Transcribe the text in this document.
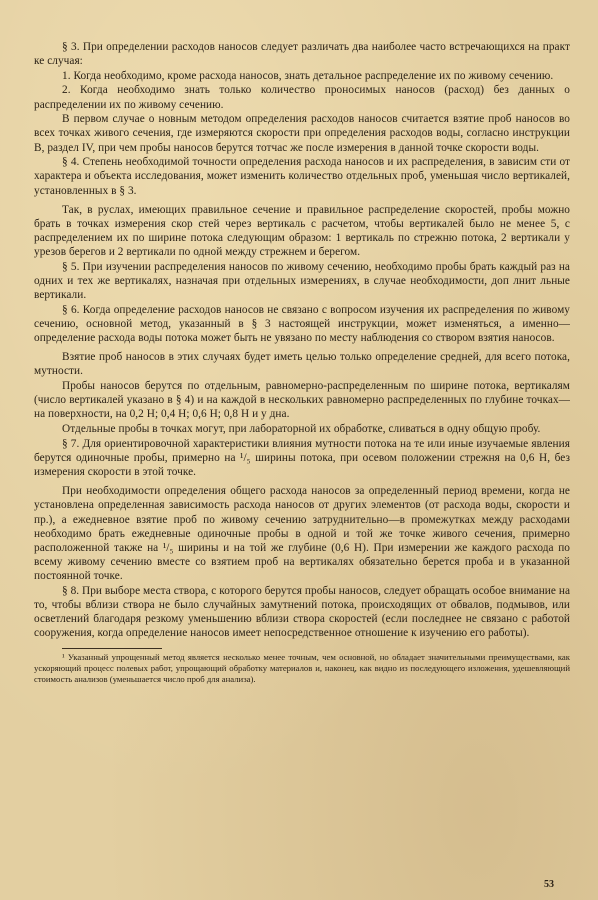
§ 3. При определении расходов наносов следует различать два наиболее часто встречающихся на практ ке случая:

1. Когда необходимо, кроме расхода наносов, знать детальное распределение их по живому сечению.

2. Когда необходимо знать только количество проносимых наносов (расход) без данных о распределении их по живому сечению.

В первом случае о новным методом определения расходов наносов считается взятие проб наносов во всех точках живого сечения, где измеряются скорости при определения расходов воды, согласно инструкции В, раздел IV, при чем пробы наносов берутся тотчас же после измерения в данной точке скорости воды.

§ 4. Степень необходимой точности определения расхода наносов и их распределения, в зависим сти от характера и объекта исследования, может изменить количество отдельных проб, уменьшая число вертикалей, установленных в § 3.

Так, в руслах, имеющих правильное сечение и правильное распределение скоростей, пробы можно брать в точках измерения скор стей через вертикаль с расчетом, чтобы вертикалей было не менее 5, с распределением их по ширине потока следующим образом: 1 вертикаль по стрежню потока, 2 вертикали у урезов берегов и 2 вертикали по одной между стрежнем и берегом.

§ 5. При изучении распределения наносов по живому сечению, необходимо пробы брать каждый раз на одних и тех же вертикалях, назначая при отдельных измерениях, в случае необходимости, доп лнит льные вертикали.

§ 6. Когда определение расходов наносов не связано с вопросом изучения их распределения по живому сечению, основной метод, указанный в § 3 настоящей инструкции, может изменяться, а именно—определение расхода воды потока может быть не увязано по месту наблюдения со створом взятия наносов.

Взятие проб наносов в этих случаях будет иметь целью только определение средней, для всего потока, мутности.

Пробы наносов берутся по отдельным, равномерно-распределенным по ширине потока, вертикалям (число вертикалей указано в § 4) и на каждой в нескольких равномерно распределенных по глубине точках—на поверхности, на 0,2 Н; 0,4 Н; 0,6 Н; 0,8 Н и у дна.

Отдельные пробы в точках могут, при лабораторной их обработке, сливаться в одну общую пробу.

§ 7. Для ориентировочной характеристики влияния мутности потока на те или иные изучаемые явления берутся одиночные пробы, примерно на ¹/₅ ширины потока, при осевом положении стрежня на 0,6 Н, без измерения скорости в этой точке.

При необходимости определения общего расхода наносов за определенный период времени, когда не установлена определенная зависимость расхода наносов от других элементов (от расхода воды, скорости и пр.), а ежедневное взятие проб по живому сечению затруднительно—в промежутках между расходами необходимо брать ежедневные одиночные пробы в одной и той же точке живого сечения, примерно расположенной также на ¹/₅ ширины и на той же глубине (0,6 Н). При измерении же каждого расхода по всему живому сечению вместе со взятием проб на вертикалях обязательно берется проба и в указанной постоянной точке.

§ 8. При выборе места створа, с которого берутся пробы наносов, следует обращать особое внимание на то, чтобы вблизи створа не было случайных замутнений потока, происходящих от обвалов, подмывов, или осветлений благодаря резкому уменьшению вблизи створа скоростей (если последнее не связано с работой сооружения, когда определение наносов имеет непосредственное отношение к изучению его работы).

¹ Указанный упрощенный метод является несколько менее точным, чем основной, но обладает значительными преимуществами, как ускоряющий процесс полевых работ, упрощающий обработку материалов и, наконец, как видно из последующего изложения, удешевляющий стоимость анализов (уменьшается число проб для анализа).

53
